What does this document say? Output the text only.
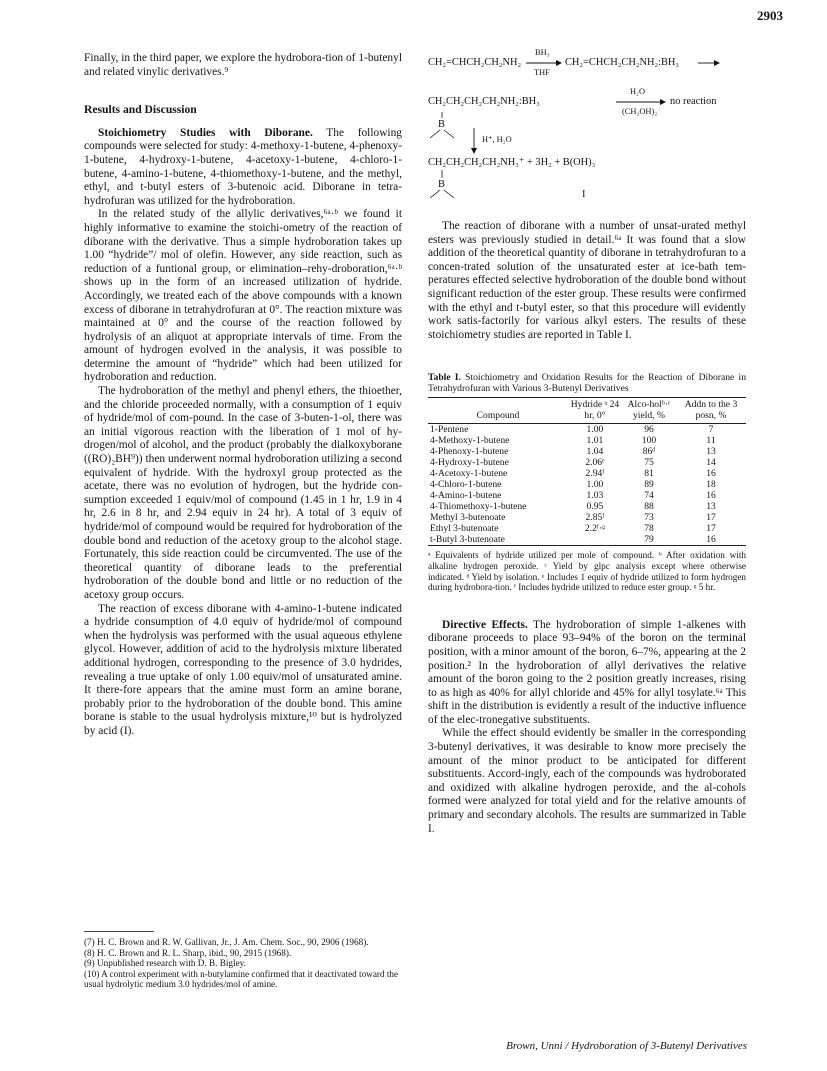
2903

Finally, in the third paper, we explore the hydrobora-tion of 1-butenyl and related vinylic derivatives.⁹

Results and Discussion

Stoichiometry Studies with Diborane. The following compounds were selected for study: 4-methoxy-1-butene, 4-phenoxy-1-butene, 4-hydroxy-1-butene, 4-acetoxy-1-butene, 4-chloro-1-butene, 4-amino-1-butene, 4-thiomethoxy-1-butene, and the methyl, ethyl, and t-butyl esters of 3-butenoic acid. Diborane in tetra-hydrofuran was utilized for the hydroboration.

In the related study of the allylic derivatives,⁶ᵃ·ᵇ we found it highly informative to examine the stoichi-ometry of the reaction of diborane with the derivative. Thus a simple hydroboration takes up 1.00 “hydride”/ mol of olefin. However, any side reaction, such as reduction of a funtional group, or elimination–rehy-droboration,⁶ᵃ·ᵇ shows up in the form of an increased utilization of hydride. Accordingly, we treated each of the above compounds with a known excess of diborane in tetrahydrofuran at 0°. The reaction mixture was maintained at 0° and the course of the reaction followed by hydrolysis of an aliquot at appropriate intervals of time. From the amount of hydrogen evolved in the analysis, it was possible to determine the amount of “hydride” which had been utilized for hydroboration and reduction.

The hydroboration of the methyl and phenyl ethers, the thioether, and the chloride proceeded normally, with a consumption of 1 equiv of hydride/mol of com-pound. In the case of 3-buten-1-ol, there was an initial vigorous reaction with the liberation of 1 mol of hy-drogen/mol of alcohol, and the product (probably the dialkoxyborane ((RO)₂BH⁹)) then underwent normal hydroboration utilizing a second equivalent of hydride. With the hydroxyl group protected as the acetate, there was no evolution of hydrogen, but the hydride con-sumption exceeded 1 equiv/mol of compound (1.45 in 1 hr, 1.9 in 4 hr, 2.6 in 8 hr, and 2.94 equiv in 24 hr). A total of 3 equiv of hydride/mol of compound would be required for hydroboration of the double bond and reduction of the acetoxy group to the alcohol stage. Fortunately, this side reaction could be circumvented. The use of the theoretical quantity of diborane leads to the preferential hydroboration of the double bond and little or no reduction of the acetoxy group occurs.

The reaction of excess diborane with 4-amino-1-butene indicated a hydride consumption of 4.0 equiv of hydride/mol of compound when the hydrolysis was performed with the usual aqueous ethylene glycol. However, addition of acid to the hydrolysis mixture liberated additional hydrogen, corresponding to the presence of 3.0 hydrides, revealing a true uptake of only 1.00 equiv/mol of unsaturated amine. It there-fore appears that the amine must form an amine borane, probably prior to the hydroboration of the double bond. This amine borane is stable to the usual hydrolysis mixture,¹⁰ but is hydrolyzed by acid (I).

(7) H. C. Brown and R. W. Gallivan, Jr., J. Am. Chem. Soc., 90, 2906 (1968).

(8) H. C. Brown and R. L. Sharp, ibid., 90, 2915 (1968).

(9) Unpublished research with D. B. Bigley.

(10) A control experiment with n-butylamine confirmed that it deactivated toward the usual hydrolytic medium 3.0 hydrides/mol of amine.

CH₂=CHCH₂CH₂NH₂
BH₃
THF
CH₂=CHCH₂CH₂NH₂:BH₃
CH₂CH₂CH₂CH₂NH₂:BH₃
H₂O
(CH₂OH)₂
no reaction
B
H⁺, H₂O
CH₂CH₂CH₂CH₂NH₃⁺ + 3H₂ + B(OH)₃
B
I

The reaction of diborane with a number of unsat-urated methyl esters was previously studied in detail.⁶ᵃ It was found that a slow addition of the theoretical quantity of diborane in tetrahydrofuran to a concen-trated solution of the unsaturated ester at ice-bath tem-peratures effected selective hydroboration of the double bond without significant reduction of the ester group. These results were confirmed with the ethyl and t-butyl ester, so that this procedure will evidently work satis-factorily for various alkyl esters. The results of these stoichiometry studies are reported in Table I.

Table I. Stoichiometry and Oxidation Results for the Reaction of Diborane in Tetrahydrofuran with Various 3-Butenyl Derivatives
Compound	Hydride ᵃ 24 hr, 0°	Alco-holᵇ·ᶜ yield, %	Addn to the 3 posn, %
1-Pentene	1.00	96	7
4-Methoxy-1-butene	1.01	100	11
4-Phenoxy-1-butene	1.04	86ᵈ	13
4-Hydroxy-1-butene	2.06ᵉ	75	14
4-Acetoxy-1-butene	2.94ᶠ	81	16
4-Chloro-1-butene	1.00	89	18
4-Amino-1-butene	1.03	74	16
4-Thiomethoxy-1-butene	0.95	88	13
Methyl 3-butenoate	2.85ᶠ	73	17
Ethyl 3-butenoate	2.2ᶠ·ᵍ	78	17
t-Butyl 3-butenoate		79	16

ᵃ Equivalents of hydride utilized per mole of compound. ᵇ After oxidation with alkaline hydrogen peroxide. ᶜ Yield by glpc analysis except where otherwise indicated. ᵈ Yield by isolation. ᵉ Includes 1 equiv of hydride utilized to form hydrogen during hydrobora-tion. ᶠ Includes hydride utilized to reduce ester group. ᵍ 5 hr.

Directive Effects. The hydroboration of simple 1-alkenes with diborane proceeds to place 93–94% of the boron on the terminal position, with a minor amount of the boron, 6–7%, appearing at the 2 position.² In the hydroboration of allyl derivatives the relative amount of the boron going to the 2 position greatly increases, rising to as high as 40% for allyl chloride and 45% for allyl tosylate.⁶ᵃ This shift in the distribution is evidently a result of the inductive influence of the elec-tronegative substituents.

While the effect should evidently be smaller in the corresponding 3-butenyl derivatives, it was desirable to know more precisely the amount of the minor product to be anticipated for different substituents. Accord-ingly, each of the compounds was hydroborated and oxidized with alkaline hydrogen peroxide, and the al-cohols formed were analyzed for total yield and for the relative amounts of primary and secondary alcohols. The results are summarized in Table I.

Brown, Unni / Hydroboration of 3-Butenyl Derivatives
